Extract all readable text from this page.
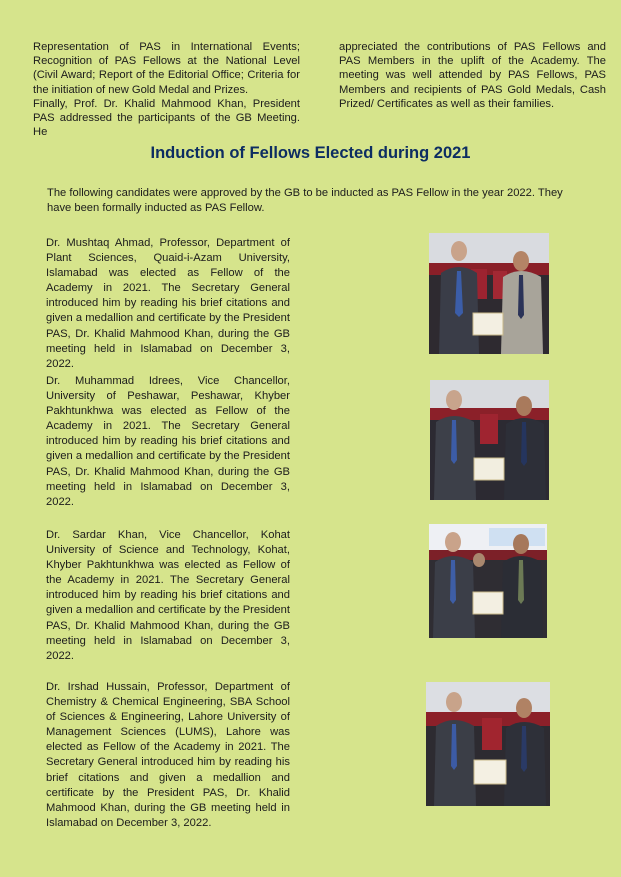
Representation of PAS in International Events; Recognition of PAS Fellows at the National Level (Civil Award; Report of the Editorial Office; Criteria for the initiation of new Gold Medal and Prizes.

Finally, Prof. Dr. Khalid Mahmood Khan, President PAS addressed the participants of the GB Meeting. He

appreciated the contributions of PAS Fellows and PAS Members in the uplift of the Academy. The meeting was well attended by PAS Fellows, PAS Members and recipients of PAS Gold Medals, Cash Prized/ Certificates as well as their families.

Induction of Fellows Elected during 2021

The following candidates were approved by the GB to be inducted as PAS Fellow in the year 2022. They have been formally inducted as PAS Fellow.

Dr. Mushtaq Ahmad, Professor, Department of Plant Sciences, Quaid-i-Azam University, Islamabad was elected as Fellow of the Academy in 2021. The Secretary General introduced him by reading his brief citations and given a medallion and certificate by the President PAS, Dr. Khalid Mahmood Khan, during the GB meeting held in Islamabad on December 3, 2022.

Dr. Muhammad Idrees, Vice Chancellor, University of Peshawar, Peshawar, Khyber Pakhtunkhwa was elected as Fellow of the Academy in 2021. The Secretary General introduced him by reading his brief citations and given a medallion and certificate by the President PAS, Dr. Khalid Mahmood Khan, during the GB meeting held in Islamabad on December 3, 2022.

Dr. Sardar Khan, Vice Chancellor, Kohat University of Science and Technology, Kohat, Khyber Pakhtunkhwa was elected as Fellow of the Academy in 2021. The Secretary General introduced him by reading his brief citations and given a medallion and certificate by the President PAS, Dr. Khalid Mahmood Khan, during the GB meeting held in Islamabad on December 3, 2022.

Dr. Irshad Hussain, Professor, Department of Chemistry & Chemical Engineering, SBA School of Sciences & Engineering, Lahore University of Management Sciences (LUMS), Lahore was elected as Fellow of the Academy in 2021. The Secretary General introduced him by reading his brief citations and given a medallion and certificate by the President PAS, Dr. Khalid Mahmood Khan, during the GB meeting held in Islamabad on December 3, 2022.
